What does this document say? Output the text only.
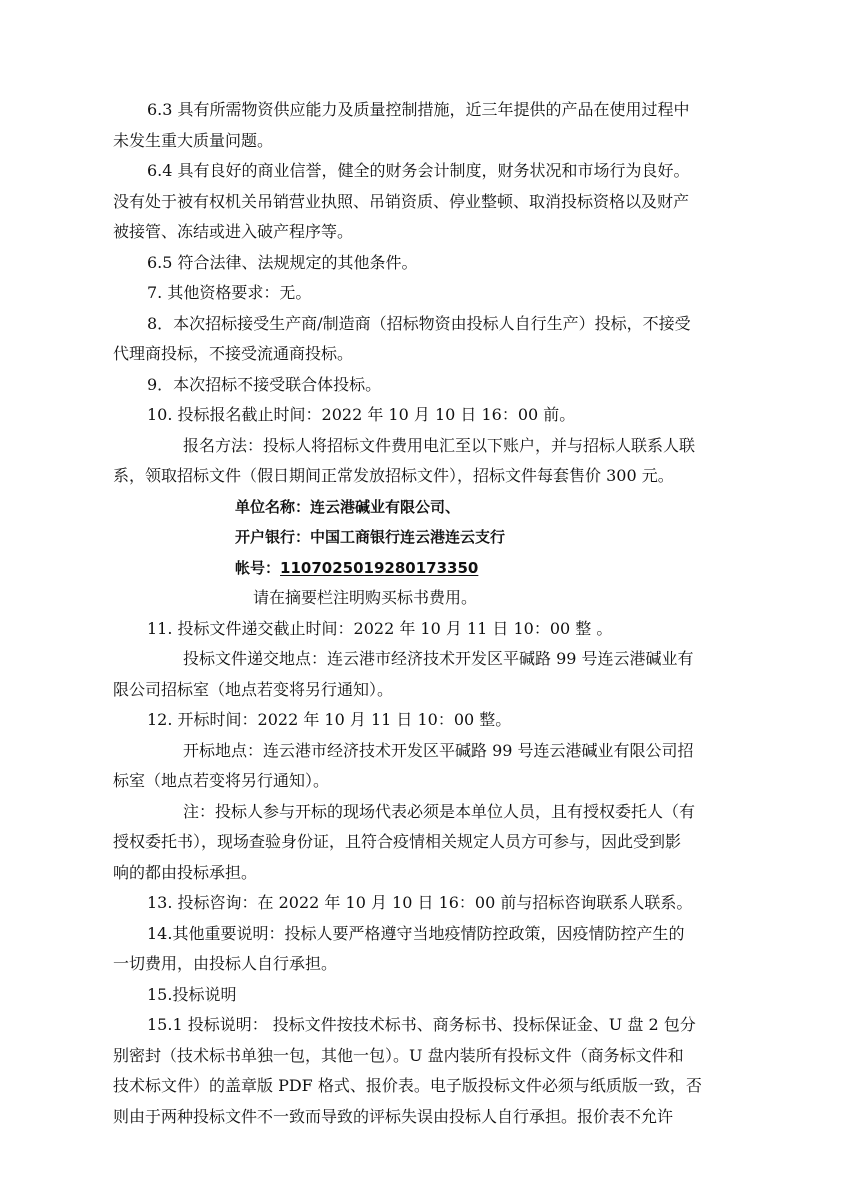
6.3 具有所需物资供应能力及质量控制措施，近三年提供的产品在使用过程中
未发生重大质量问题。
6.4 具有良好的商业信誉，健全的财务会计制度，财务状况和市场行为良好。
没有处于被有权机关吊销营业执照、吊销资质、停业整顿、取消投标资格以及财产
被接管、冻结或进入破产程序等。
6.5 符合法律、法规规定的其他条件。
7. 其他资格要求：无。
8．本次招标接受生产商/制造商（招标物资由投标人自行生产）投标，不接受
代理商投标，不接受流通商投标。
9．本次招标不接受联合体投标。
10. 投标报名截止时间：2022 年 10 月 10 日 16：00 前。
报名方法：投标人将招标文件费用电汇至以下账户，并与招标人联系人联
系，领取招标文件（假日期间正常发放招标文件），招标文件每套售价 300 元。
单位名称：连云港碱业有限公司、
开户银行：中国工商银行连云港连云支行
帐号：1107025019280173350
请在摘要栏注明购买标书费用。
11. 投标文件递交截止时间：2022 年 10 月 11 日 10：00 整 。
投标文件递交地点：连云港市经济技术开发区平碱路 99 号连云港碱业有
限公司招标室（地点若变将另行通知）。
12. 开标时间：2022 年 10 月 11 日 10：00 整。
开标地点：连云港市经济技术开发区平碱路 99 号连云港碱业有限公司招
标室（地点若变将另行通知）。
注：投标人参与开标的现场代表必须是本单位人员，且有授权委托人（有
授权委托书），现场查验身份证，且符合疫情相关规定人员方可参与，因此受到影
响的都由投标承担。
13. 投标咨询：在 2022 年 10 月 10 日 16：00 前与招标咨询联系人联系。
14.其他重要说明：投标人要严格遵守当地疫情防控政策，因疫情防控产生的
一切费用，由投标人自行承担。
15.投标说明
15.1 投标说明： 投标文件按技术标书、商务标书、投标保证金、U 盘 2 包分
别密封（技术标书单独一包，其他一包）。U 盘内装所有投标文件（商务标文件和
技术标文件）的盖章版 PDF 格式、报价表。电子版投标文件必须与纸质版一致，否
则由于两种投标文件不一致而导致的评标失误由投标人自行承担。报价表不允许
